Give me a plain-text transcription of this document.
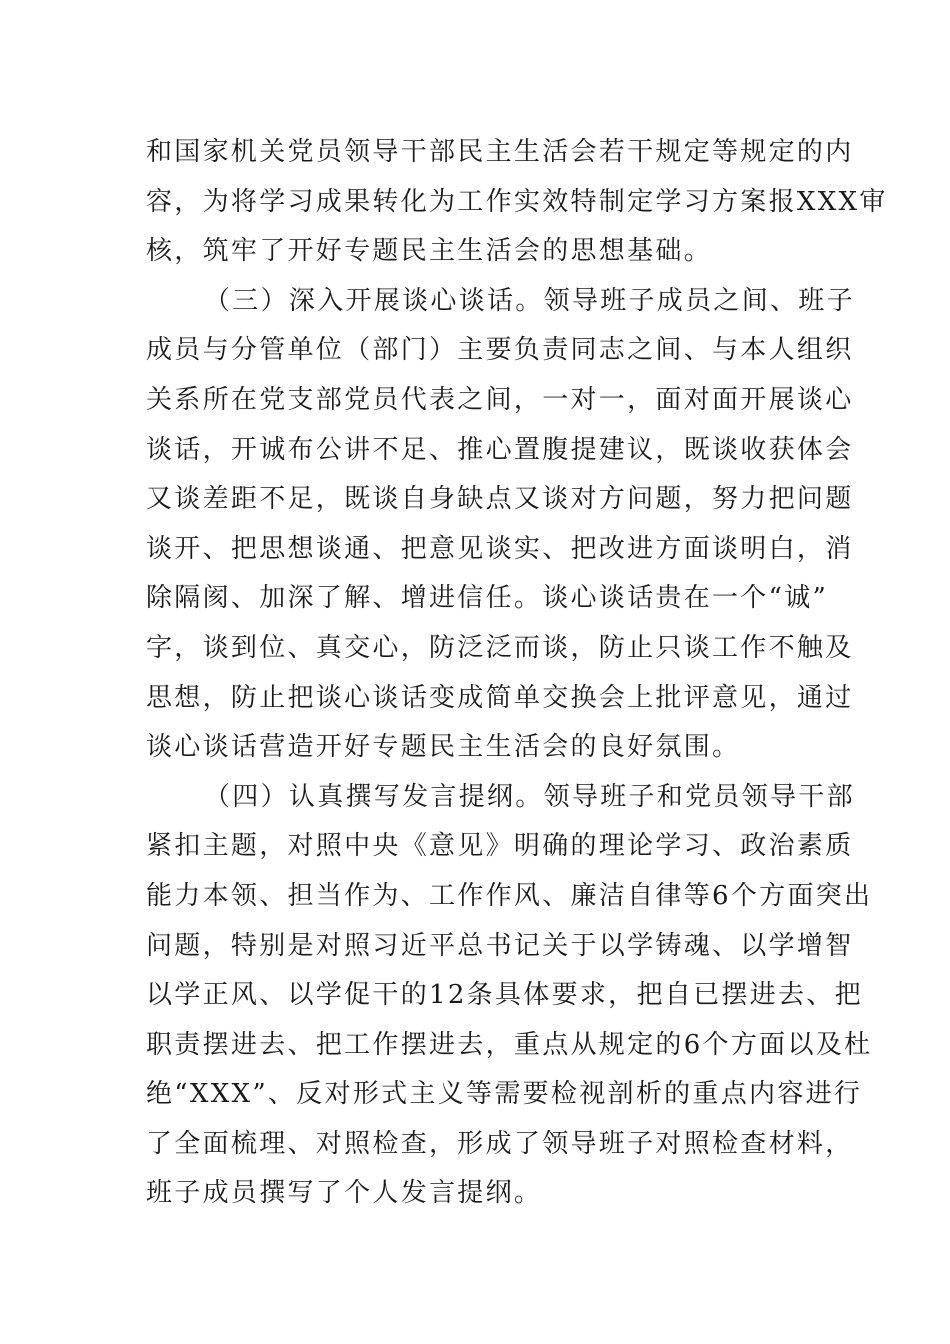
和国家机关党员领导干部民主生活会若干规定等规定的内
容，为将学习成果转化为工作实效特制定学习方案报XXX审
核，筑牢了开好专题民主生活会的思想基础。
（三）深入开展谈心谈话。领导班子成员之间、班子
成员与分管单位（部门）主要负责同志之间、与本人组织
关系所在党支部党员代表之间，一对一，面对面开展谈心
谈话，开诚布公讲不足、推心置腹提建议，既谈收获体会
又谈差距不足，既谈自身缺点又谈对方问题，努力把问题
谈开、把思想谈通、把意见谈实、把改进方面谈明白，消
除隔阂、加深了解、增进信任。谈心谈话贵在一个“诚”
字，谈到位、真交心，防泛泛而谈，防止只谈工作不触及
思想，防止把谈心谈话变成简单交换会上批评意见，通过
谈心谈话营造开好专题民主生活会的良好氛围。
（四）认真撰写发言提纲。领导班子和党员领导干部
紧扣主题，对照中央《意见》明确的理论学习、政治素质
能力本领、担当作为、工作作风、廉洁自律等6个方面突出
问题，特别是对照习近平总书记关于以学铸魂、以学增智
以学正风、以学促干的12条具体要求，把自已摆进去、把
职责摆进去、把工作摆进去，重点从规定的6个方面以及杜
绝“XXX”、反对形式主义等需要检视剖析的重点内容进行
了全面梳理、对照检查，形成了领导班子对照检查材料，
班子成员撰写了个人发言提纲。
